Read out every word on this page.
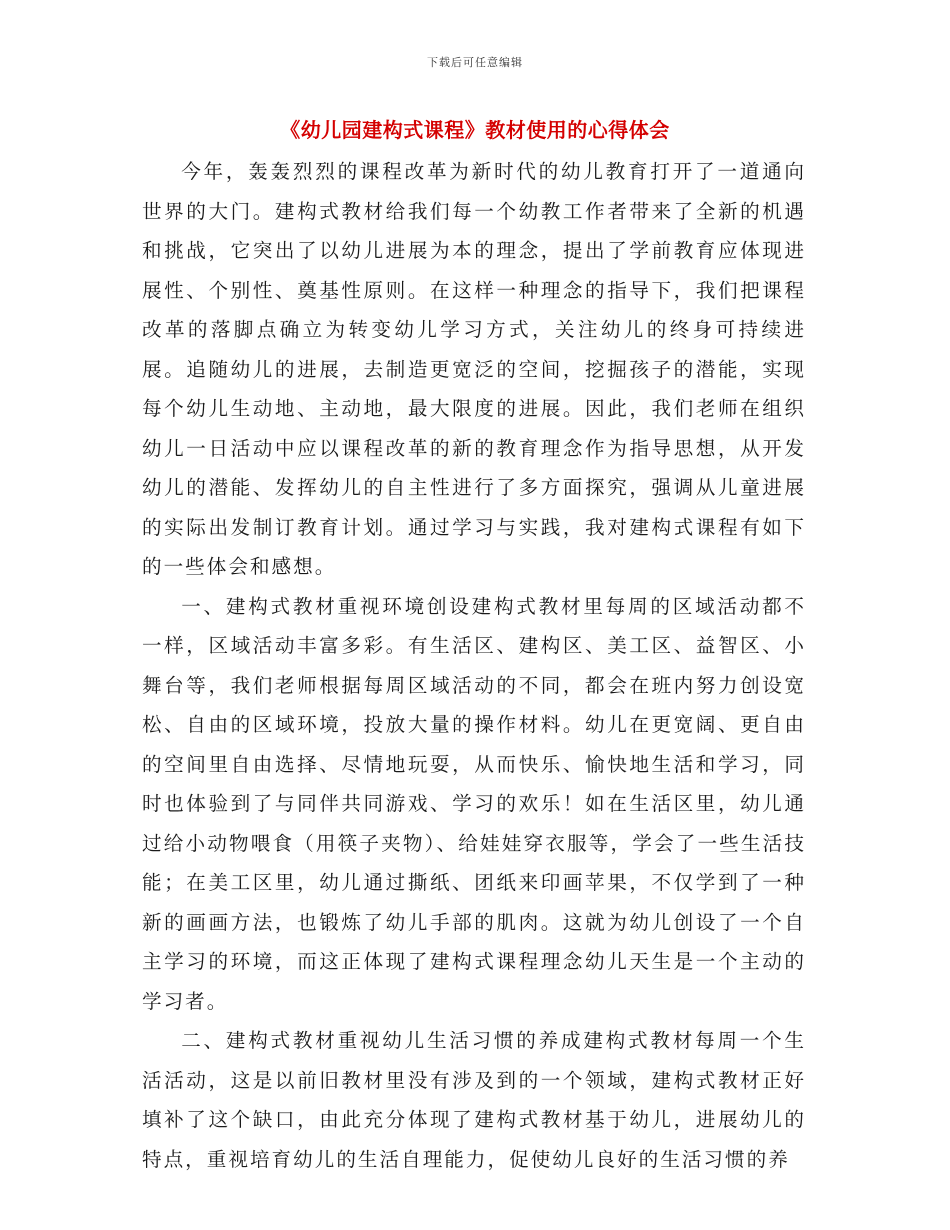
下载后可任意编辑
《幼儿园建构式课程》教材使用的心得体会

今年，轰轰烈烈的课程改革为新时代的幼儿教育打开了一道通向世界的大门。建构式教材给我们每一个幼教工作者带来了全新的机遇和挑战，它突出了以幼儿进展为本的理念，提出了学前教育应体现进展性、个别性、奠基性原则。在这样一种理念的指导下，我们把课程改革的落脚点确立为转变幼儿学习方式，关注幼儿的终身可持续进展。追随幼儿的进展，去制造更宽泛的空间，挖掘孩子的潜能，实现每个幼儿生动地、主动地，最大限度的进展。因此，我们老师在组织幼儿一日活动中应以课程改革的新的教育理念作为指导思想，从开发幼儿的潜能、发挥幼儿的自主性进行了多方面探究，强调从儿童进展的实际出发制订教育计划。通过学习与实践，我对建构式课程有如下的一些体会和感想。

一、建构式教材重视环境创设建构式教材里每周的区域活动都不一样，区域活动丰富多彩。有生活区、建构区、美工区、益智区、小舞台等，我们老师根据每周区域活动的不同，都会在班内努力创设宽松、自由的区域环境，投放大量的操作材料。幼儿在更宽阔、更自由的空间里自由选择、尽情地玩耍，从而快乐、愉快地生活和学习，同时也体验到了与同伴共同游戏、学习的欢乐！如在生活区里，幼儿通过给小动物喂食（用筷子夹物）、给娃娃穿衣服等，学会了一些生活技能；在美工区里，幼儿通过撕纸、团纸来印画苹果，不仅学到了一种新的画画方法，也锻炼了幼儿手部的肌肉。这就为幼儿创设了一个自主学习的环境，而这正体现了建构式课程理念幼儿天生是一个主动的学习者。

二、建构式教材重视幼儿生活习惯的养成建构式教材每周一个生活活动，这是以前旧教材里没有涉及到的一个领域，建构式教材正好填补了这个缺口，由此充分体现了建构式教材基于幼儿，进展幼儿的特点，重视培育幼儿的生活自理能力，促使幼儿良好的生活习惯的养
